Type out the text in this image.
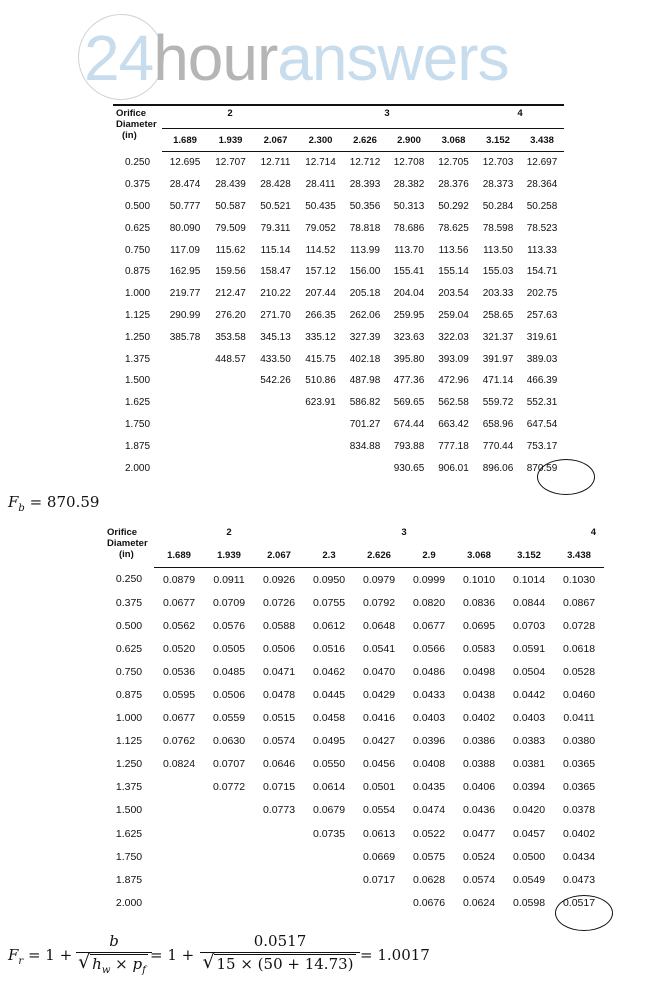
24houranswers
Orifice
Diameter
(in)	2			3				4	
	1.689	1.939	2.067	2.300	2.626	2.900	3.068	3.152	3.438
0.250	12.695	12.707	12.711	12.714	12.712	12.708	12.705	12.703	12.697
0.375	28.474	28.439	28.428	28.411	28.393	28.382	28.376	28.373	28.364
0.500	50.777	50.587	50.521	50.435	50.356	50.313	50.292	50.284	50.258
0.625	80.090	79.509	79.311	79.052	78.818	78.686	78.625	78.598	78.523
0.750	117.09	115.62	115.14	114.52	113.99	113.70	113.56	113.50	113.33
0.875	162.95	159.56	158.47	157.12	156.00	155.41	155.14	155.03	154.71
1.000	219.77	212.47	210.22	207.44	205.18	204.04	203.54	203.33	202.75
1.125	290.99	276.20	271.70	266.35	262.06	259.95	259.04	258.65	257.63
1.250	385.78	353.58	345.13	335.12	327.39	323.63	322.03	321.37	319.61
1.375		448.57	433.50	415.75	402.18	395.80	393.09	391.97	389.03
1.500			542.26	510.86	487.98	477.36	472.96	471.14	466.39
1.625				623.91	586.82	569.65	562.58	559.72	552.31
1.750					701.27	674.44	663.42	658.96	647.54
1.875					834.88	793.88	777.18	770.44	753.17
2.000						930.65	906.01	896.06	870.59
$F_b = 870.59$
Orifice
Diameter
(in)	2			3				4	
	1.689	1.939	2.067	2.3	2.626	2.9	3.068	3.152	3.438
0.250	0.0879	0.0911	0.0926	0.0950	0.0979	0.0999	0.1010	0.1014	0.1030
0.375	0.0677	0.0709	0.0726	0.0755	0.0792	0.0820	0.0836	0.0844	0.0867
0.500	0.0562	0.0576	0.0588	0.0612	0.0648	0.0677	0.0695	0.0703	0.0728
0.625	0.0520	0.0505	0.0506	0.0516	0.0541	0.0566	0.0583	0.0591	0.0618
0.750	0.0536	0.0485	0.0471	0.0462	0.0470	0.0486	0.0498	0.0504	0.0528
0.875	0.0595	0.0506	0.0478	0.0445	0.0429	0.0433	0.0438	0.0442	0.0460
1.000	0.0677	0.0559	0.0515	0.0458	0.0416	0.0403	0.0402	0.0403	0.0411
1.125	0.0762	0.0630	0.0574	0.0495	0.0427	0.0396	0.0386	0.0383	0.0380
1.250	0.0824	0.0707	0.0646	0.0550	0.0456	0.0408	0.0388	0.0381	0.0365
1.375		0.0772	0.0715	0.0614	0.0501	0.0435	0.0406	0.0394	0.0365
1.500			0.0773	0.0679	0.0554	0.0474	0.0436	0.0420	0.0378
1.625				0.0735	0.0613	0.0522	0.0477	0.0457	0.0402
1.750					0.0669	0.0575	0.0524	0.0500	0.0434
1.875					0.0717	0.0628	0.0574	0.0549	0.0473
2.000						0.0676	0.0624	0.0598	0.0517
$F_r = 1$ +
b
√ $h_w \times p_f$
= 1 +
0.0517
√ 15 × (50 + 14.73) = 1.0017
